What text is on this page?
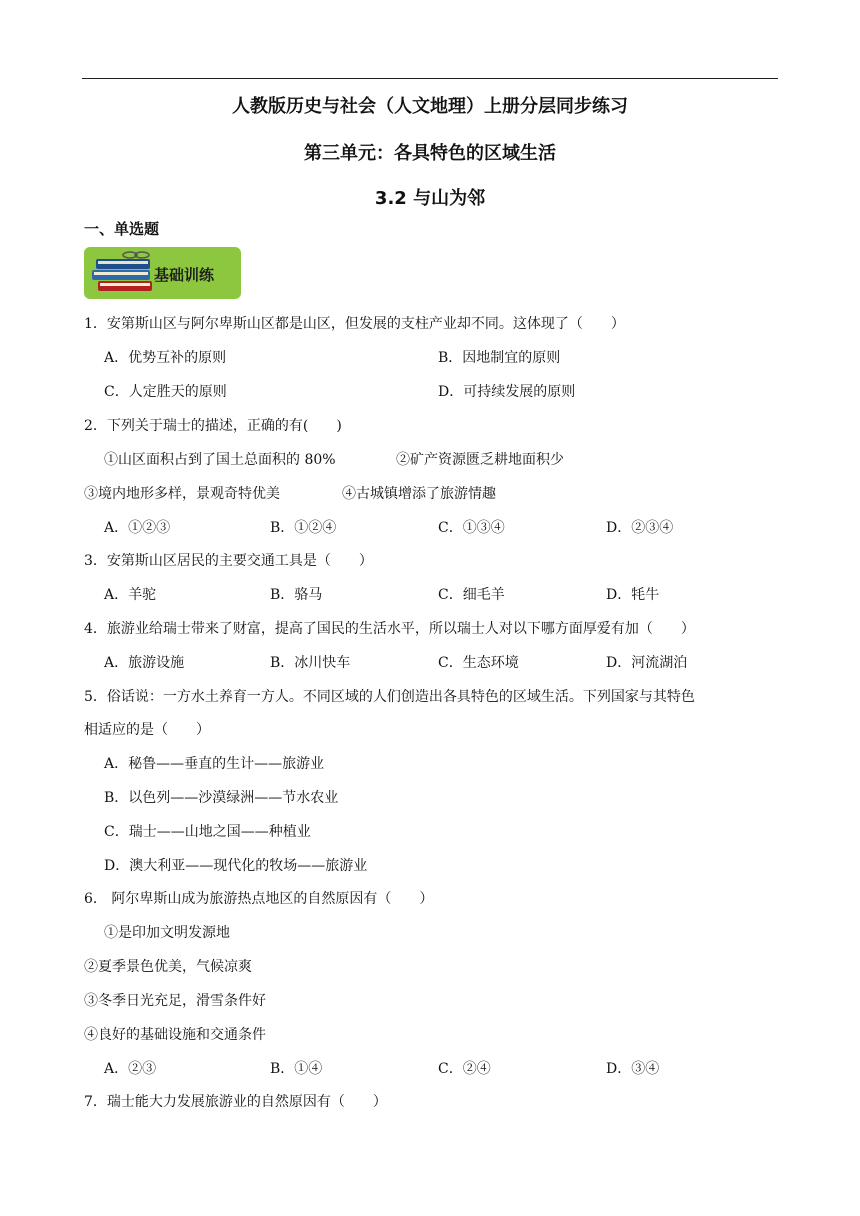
人教版历史与社会（人文地理）上册分层同步练习
第三单元：各具特色的区域生活
3.2 与山为邻
一、单选题
基础训练
1．安第斯山区与阿尔卑斯山区都是山区，但发展的支柱产业却不同。这体现了（　　）
A．优势互补的原则	B．因地制宜的原则
C．人定胜天的原则	D．可持续发展的原则
2．下列关于瑞士的描述，正确的有(　　)
①山区面积占到了国土总面积的 80%	②矿产资源匮乏耕地面积少
③境内地形多样，景观奇特优美	④古城镇增添了旅游情趣
A．①②③	B．①②④	C．①③④	D．②③④
3．安第斯山区居民的主要交通工具是（　　）
A．羊驼	B．骆马	C．细毛羊	D．牦牛
4．旅游业给瑞士带来了财富，提高了国民的生活水平，所以瑞士人对以下哪方面厚爱有加（　　）
A．旅游设施	B．冰川快车	C．生态环境	D．河流湖泊
5．俗话说：一方水土养育一方人。不同区域的人们创造出各具特色的区域生活。下列国家与其特色
相适应的是（　　）
A．秘鲁——垂直的生计——旅游业
B．以色列——沙漠绿洲——节水农业
C．瑞士——山地之国——种植业
D．澳大利亚——现代化的牧场——旅游业
6． 阿尔卑斯山成为旅游热点地区的自然原因有（　　）
①是印加文明发源地
②夏季景色优美，气候凉爽
③冬季日光充足，滑雪条件好
④良好的基础设施和交通条件
A．②③	B．①④	C．②④	D．③④
7．瑞士能大力发展旅游业的自然原因有（　　）
